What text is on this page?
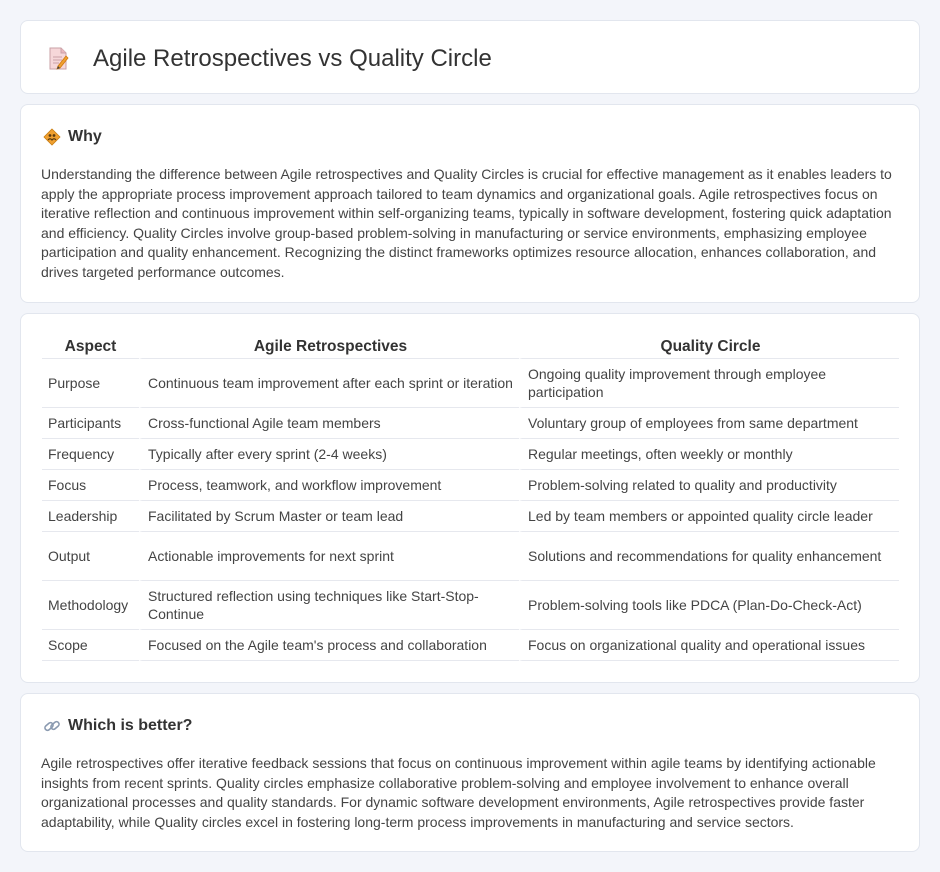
Agile Retrospectives vs Quality Circle
Why

Understanding the difference between Agile retrospectives and Quality Circles is crucial for effective management as it enables leaders to apply the appropriate process improvement approach tailored to team dynamics and organizational goals. Agile retrospectives focus on iterative reflection and continuous improvement within self-organizing teams, typically in software development, fostering quick adaptation and efficiency. Quality Circles involve group-based problem-solving in manufacturing or service environments, emphasizing employee participation and quality enhancement. Recognizing the distinct frameworks optimizes resource allocation, enhances collaboration, and drives targeted performance outcomes.

Aspect	Agile Retrospectives	Quality Circle
Purpose	Continuous team improvement after each sprint or iteration	Ongoing quality improvement through employee participation
Participants	Cross-functional Agile team members	Voluntary group of employees from same department
Frequency	Typically after every sprint (2-4 weeks)	Regular meetings, often weekly or monthly
Focus	Process, teamwork, and workflow improvement	Problem-solving related to quality and productivity
Leadership	Facilitated by Scrum Master or team lead	Led by team members or appointed quality circle leader
Output	Actionable improvements for next sprint	Solutions and recommendations for quality enhancement
Methodology	Structured reflection using techniques like Start-Stop-Continue	Problem-solving tools like PDCA (Plan-Do-Check-Act)
Scope	Focused on the Agile team's process and collaboration	Focus on organizational quality and operational issues
Which is better?

Agile retrospectives offer iterative feedback sessions that focus on continuous improvement within agile teams by identifying actionable insights from recent sprints. Quality circles emphasize collaborative problem-solving and employee involvement to enhance overall organizational processes and quality standards. For dynamic software development environments, Agile retrospectives provide faster adaptability, while Quality circles excel in fostering long-term process improvements in manufacturing and service sectors.
